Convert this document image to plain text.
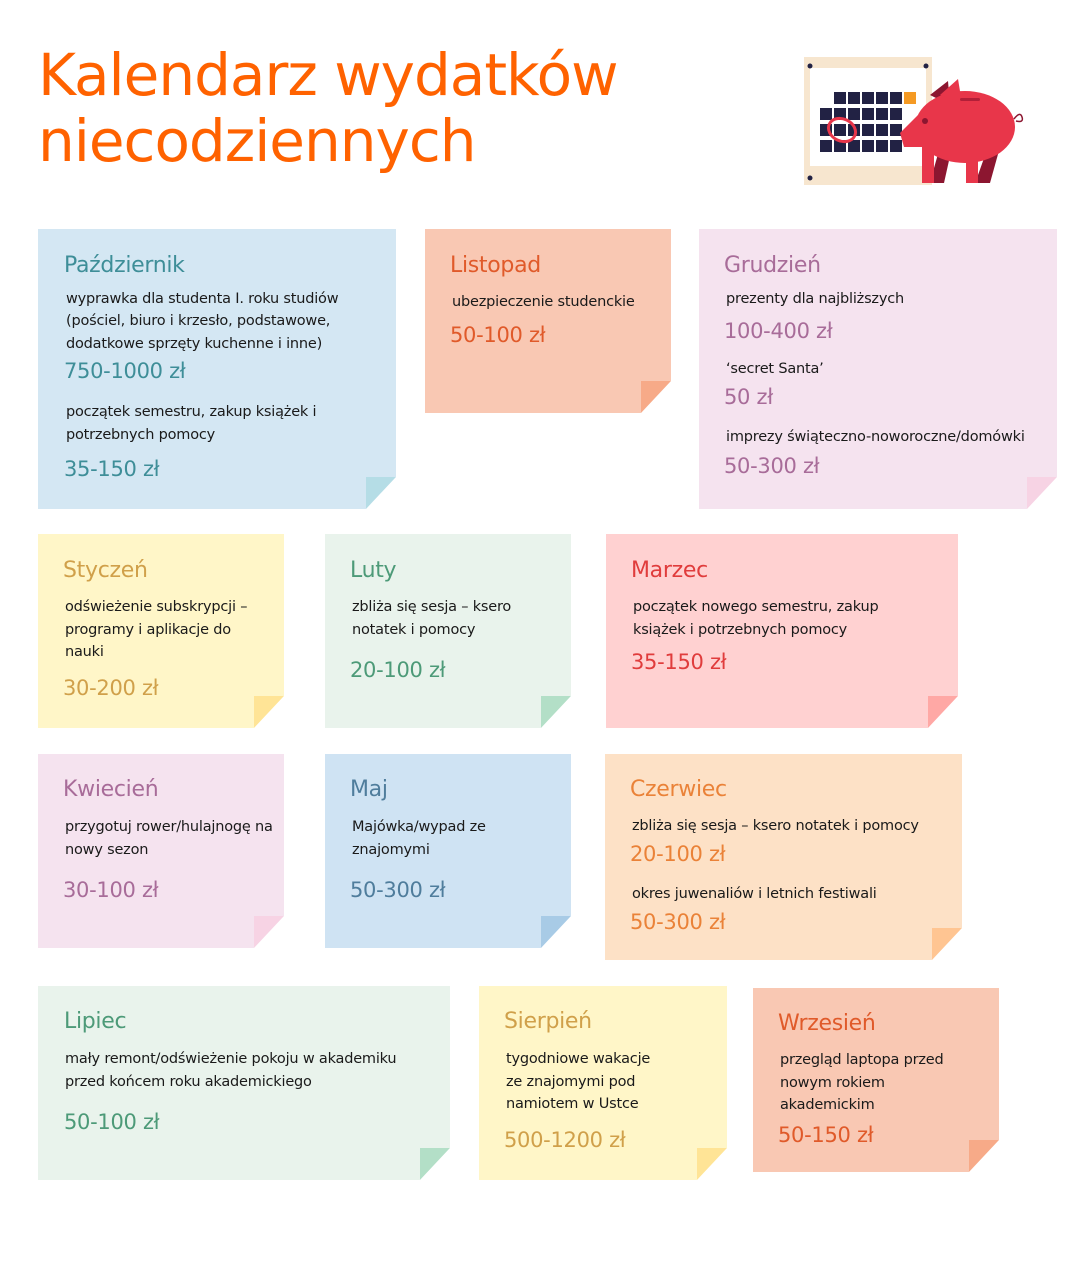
Kalendarz wydatków
niecodziennych
Październik
wyprawka dla studenta I. roku studiów
(pościel, biuro i krzesło, podstawowe, dodatkowe sprzęty kuchenne i inne)
750-1000 zł
początek semestru, zakup książek i potrzebnych pomocy
35-150 zł
Listopad
ubezpieczenie studenckie
50-100 zł
Grudzień
prezenty dla najbliższych
100-400 zł
‘secret Santa’
50 zł
imprezy świąteczno-noworoczne/domówki
50-300 zł
Styczeń
odświeżenie subskrypcji – programy i aplikacje do nauki
30-200 zł
Luty
zbliża się sesja – ksero notatek i pomocy
20-100 zł
Marzec
początek nowego semestru, zakup książek i potrzebnych pomocy
35-150 zł
Kwiecień
przygotuj rower/hulajnogę na nowy sezon
30-100 zł
Maj
Majówka/wypad ze znajomymi
50-300 zł
Czerwiec
zbliża się sesja – ksero notatek i pomocy
20-100 zł
okres juwenaliów i letnich festiwali
50-300 zł
Lipiec
mały remont/odświeżenie pokoju w akademiku przed końcem roku akademickiego
50-100 zł
Sierpień
tygodniowe wakacje ze znajomymi pod namiotem w Ustce
500-1200 zł
Wrzesień
przegląd laptopa przed nowym rokiem akademickim
50-150 zł
